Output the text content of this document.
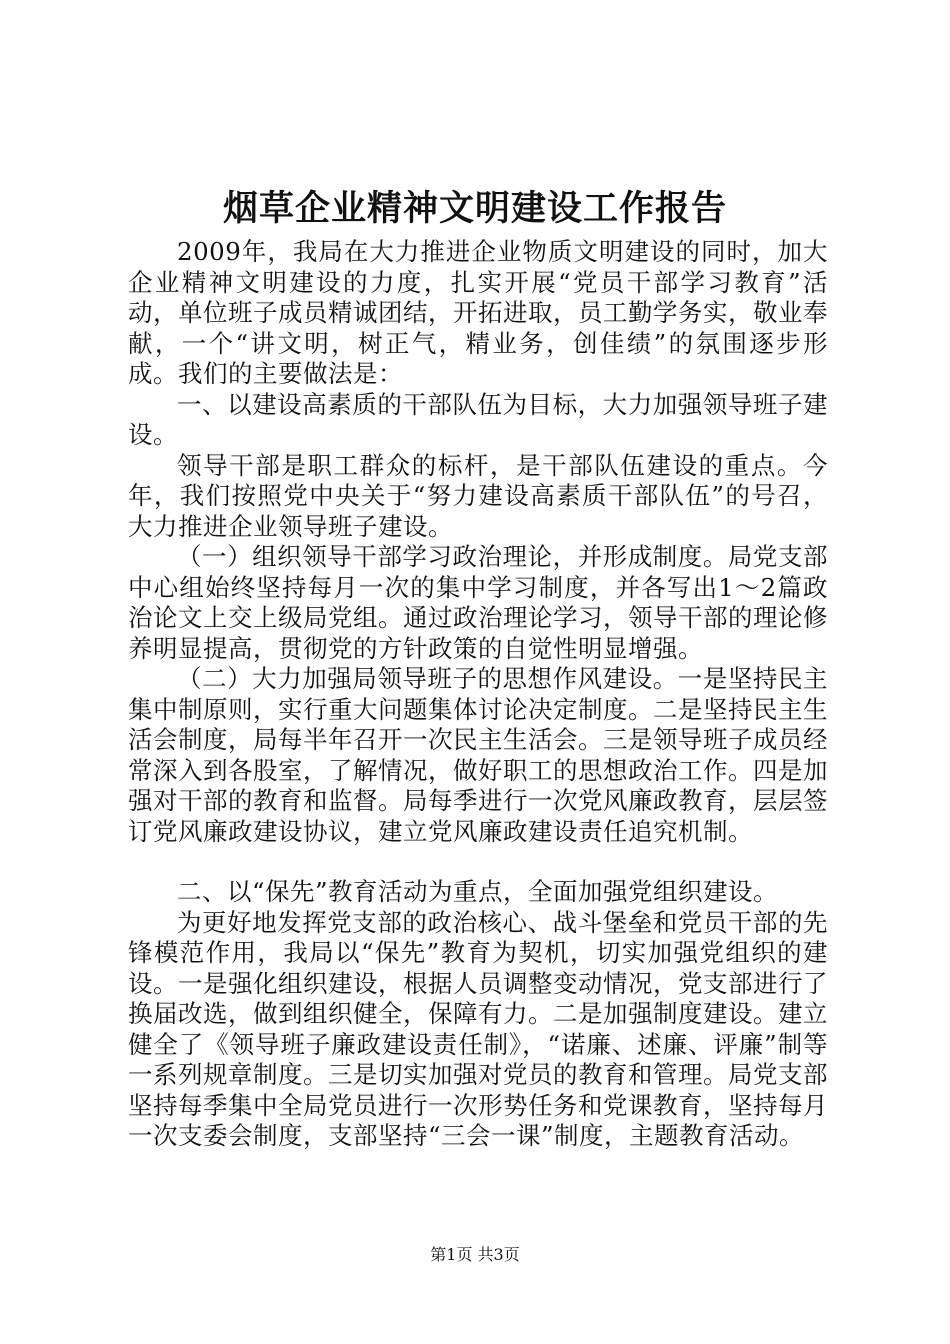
烟草企业精神文明建设工作报告

2009年，我局在大力推进企业物质文明建设的同时，加大企业精神文明建设的力度，扎实开展“党员干部学习教育”活动，单位班子成员精诚团结，开拓进取，员工勤学务实，敬业奉献，一个“讲文明，树正气，精业务，创佳绩”的氛围逐步形成。我们的主要做法是：

一、以建设高素质的干部队伍为目标，大力加强领导班子建设。

领导干部是职工群众的标杆，是干部队伍建设的重点。今年，我们按照党中央关于“努力建设高素质干部队伍”的号召，大力推进企业领导班子建设。

（一）组织领导干部学习政治理论，并形成制度。局党支部中心组始终坚持每月一次的集中学习制度，并各写出1～2篇政治论文上交上级局党组。通过政治理论学习，领导干部的理论修养明显提高，贯彻党的方针政策的自觉性明显增强。

（二）大力加强局领导班子的思想作风建设。一是坚持民主集中制原则，实行重大问题集体讨论决定制度。二是坚持民主生活会制度，局每半年召开一次民主生活会。三是领导班子成员经常深入到各股室，了解情况，做好职工的思想政治工作。四是加强对干部的教育和监督。局每季进行一次党风廉政教育，层层签订党风廉政建设协议，建立党风廉政建设责任追究机制。

二、以“保先”教育活动为重点，全面加强党组织建设。

为更好地发挥党支部的政治核心、战斗堡垒和党员干部的先锋模范作用，我局以“保先”教育为契机，切实加强党组织的建设。一是强化组织建设，根据人员调整变动情况，党支部进行了换届改选，做到组织健全，保障有力。二是加强制度建设。建立健全了《领导班子廉政建设责任制》，“诺廉、述廉、评廉”制等一系列规章制度。三是切实加强对党员的教育和管理。局党支部坚持每季集中全局党员进行一次形势任务和党课教育，坚持每月一次支委会制度，支部坚持“三会一课”制度，主题教育活动。

第1页 共3页
